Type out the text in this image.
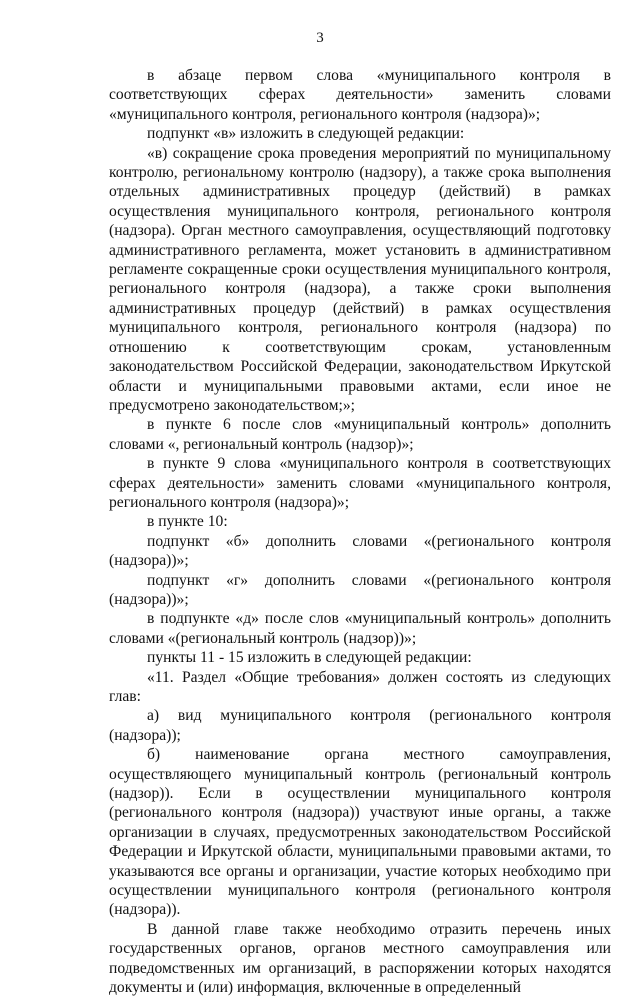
3

в абзаце первом слова «муниципального контроля в соответствующих сферах деятельности» заменить словами «муниципального контроля, регионального контроля (надзора)»;

подпункт «в» изложить в следующей редакции:

«в) сокращение срока проведения мероприятий по муниципальному контролю, региональному контролю (надзору), а также срока выполнения отдельных административных процедур (действий) в рамках осуществления муниципального контроля, регионального контроля (надзора). Орган местного самоуправления, осуществляющий подготовку административного регламента, может установить в административном регламенте сокращенные сроки осуществления муниципального контроля, регионального контроля (надзора), а также сроки выполнения административных процедур (действий) в рамках осуществления муниципального контроля, регионального контроля (надзора) по отношению к соответствующим срокам, установленным законодательством Российской Федерации, законодательством Иркутской области и муниципальными правовыми актами, если иное не предусмотрено законодательством;»;

в пункте 6 после слов «муниципальный контроль» дополнить словами «, региональный контроль (надзор)»;

в пункте 9 слова «муниципального контроля в соответствующих сферах деятельности» заменить словами «муниципального контроля, регионального контроля (надзора)»;

в пункте 10:

подпункт «б» дополнить словами «(регионального контроля (надзора))»;

подпункт «г» дополнить словами «(регионального контроля (надзора))»;

в подпункте «д» после слов «муниципальный контроль» дополнить словами «(региональный контроль (надзор))»;

пункты 11 - 15 изложить в следующей редакции:

«11. Раздел «Общие требования» должен состоять из следующих глав:

а) вид муниципального контроля (регионального контроля (надзора));

б) наименование органа местного самоуправления, осуществляющего муниципальный контроль (региональный контроль (надзор)). Если в осуществлении муниципального контроля (регионального контроля (надзора)) участвуют иные органы, а также организации в случаях, предусмотренных законодательством Российской Федерации и Иркутской области, муниципальными правовыми актами, то указываются все органы и организации, участие которых необходимо при осуществлении муниципального контроля (регионального контроля (надзора)).

В данной главе также необходимо отразить перечень иных государственных органов, органов местного самоуправления или подведомственных им организаций, в распоряжении которых находятся документы и (или) информация, включенные в определенный
